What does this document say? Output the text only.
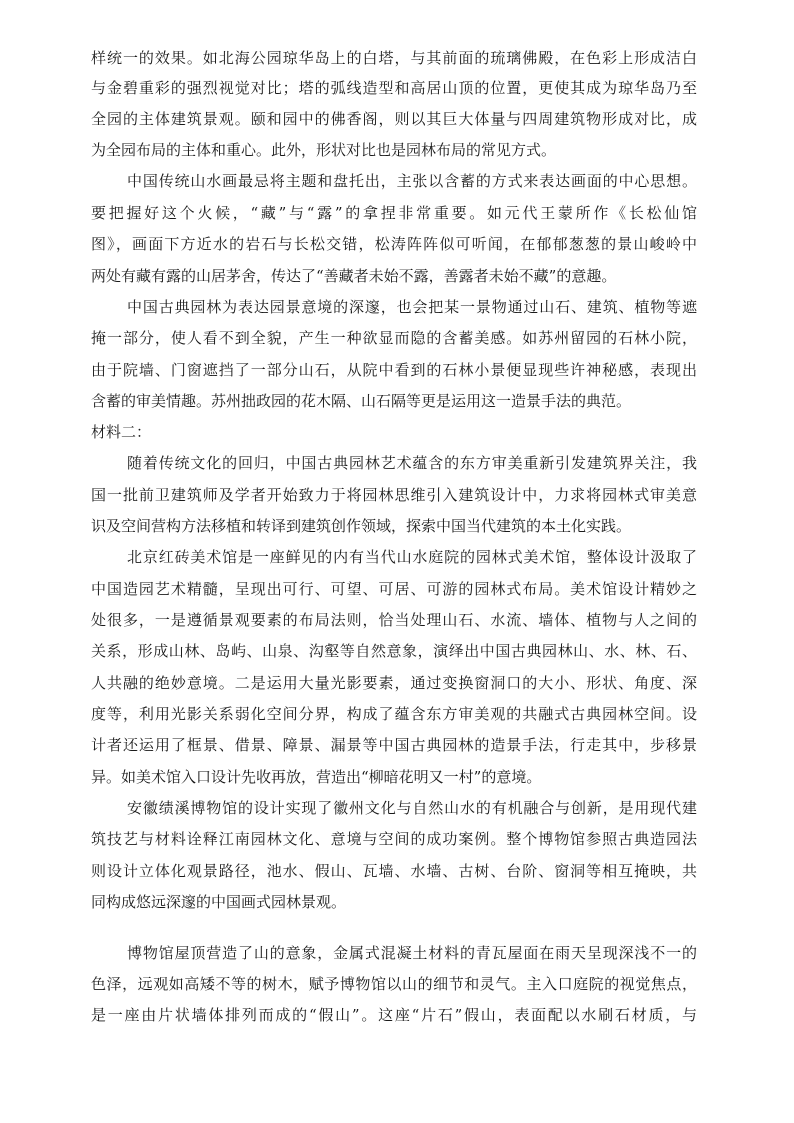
样统一的效果。如北海公园琼华岛上的白塔，与其前面的琉璃佛殿，在色彩上形成洁白
与金碧重彩的强烈视觉对比；塔的弧线造型和高居山顶的位置，更使其成为琼华岛乃至
全园的主体建筑景观。颐和园中的佛香阁，则以其巨大体量与四周建筑物形成对比，成
为全园布局的主体和重心。此外，形状对比也是园林布局的常见方式。
中国传统山水画最忌将主题和盘托出，主张以含蓄的方式来表达画面的中心思想。
要把握好这个火候，“藏”与“露”的拿捏非常重要。如元代王蒙所作《长松仙馆
图》，画面下方近水的岩石与长松交错，松涛阵阵似可听闻，在郁郁葱葱的景山峻岭中
两处有藏有露的山居茅舍，传达了“善藏者未始不露，善露者未始不藏”的意趣。
中国古典园林为表达园景意境的深邃，也会把某一景物通过山石、建筑、植物等遮
掩一部分，使人看不到全貌，产生一种欲显而隐的含蓄美感。如苏州留园的石林小院，
由于院墙、门窗遮挡了一部分山石，从院中看到的石林小景便显现些许神秘感，表现出
含蓄的审美情趣。苏州拙政园的花木隔、山石隔等更是运用这一造景手法的典范。
材料二：
随着传统文化的回归，中国古典园林艺术蕴含的东方审美重新引发建筑界关注，我
国一批前卫建筑师及学者开始致力于将园林思维引入建筑设计中，力求将园林式审美意
识及空间营构方法移植和转译到建筑创作领域，探索中国当代建筑的本土化实践。
北京红砖美术馆是一座鲜见的内有当代山水庭院的园林式美术馆，整体设计汲取了
中国造园艺术精髓，呈现出可行、可望、可居、可游的园林式布局。美术馆设计精妙之
处很多，一是遵循景观要素的布局法则，恰当处理山石、水流、墙体、植物与人之间的
关系，形成山林、岛屿、山泉、沟壑等自然意象，演绎出中国古典园林山、水、林、石、
人共融的绝妙意境。二是运用大量光影要素，通过变换窗洞口的大小、形状、角度、深
度等，利用光影关系弱化空间分界，构成了蕴含东方审美观的共融式古典园林空间。设
计者还运用了框景、借景、障景、漏景等中国古典园林的造景手法，行走其中，步移景
异。如美术馆入口设计先收再放，营造出“柳暗花明又一村”的意境。
安徽绩溪博物馆的设计实现了徽州文化与自然山水的有机融合与创新，是用现代建
筑技艺与材料诠释江南园林文化、意境与空间的成功案例。整个博物馆参照古典造园法
则设计立体化观景路径，池水、假山、瓦墙、水墙、古树、台阶、窗洞等相互掩映，共
同构成悠远深邃的中国画式园林景观。
博物馆屋顶营造了山的意象，金属式混凝土材料的青瓦屋面在雨天呈现深浅不一的
色泽，远观如高矮不等的树木，赋予博物馆以山的细节和灵气。主入口庭院的视觉焦点，
是一座由片状墙体排列而成的“假山”。这座“片石”假山，表面配以水刷石材质，与
